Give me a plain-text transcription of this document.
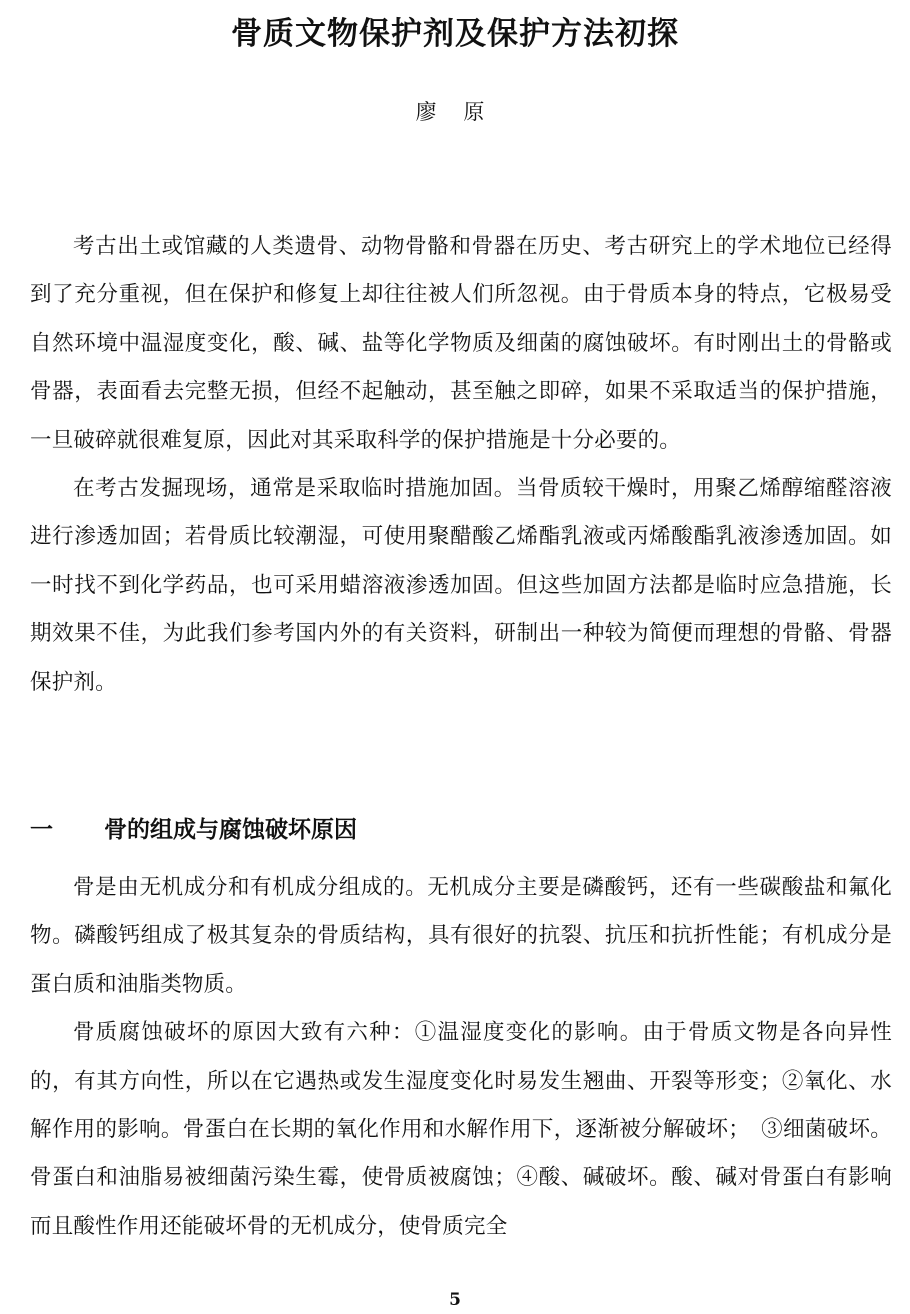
骨质文物保护剂及保护方法初探
廖 原

考古出土或馆藏的人类遗骨、动物骨骼和骨器在历史、考古研究上的学术地位已经得到了充分重视，但在保护和修复上却往往被人们所忽视。由于骨质本身的特点，它极易受自然环境中温湿度变化，酸、碱、盐等化学物质及细菌的腐蚀破坏。有时刚出土的骨骼或骨器，表面看去完整无损，但经不起触动，甚至触之即碎，如果不采取适当的保护措施，一旦破碎就很难复原，因此对其采取科学的保护措施是十分必要的。

在考古发掘现场，通常是采取临时措施加固。当骨质较干燥时，用聚乙烯醇缩醛溶液进行渗透加固；若骨质比较潮湿，可使用聚醋酸乙烯酯乳液或丙烯酸酯乳液渗透加固。如一时找不到化学药品，也可采用蜡溶液渗透加固。但这些加固方法都是临时应急措施，长期效果不佳，为此我们参考国内外的有关资料，研制出一种较为简便而理想的骨骼、骨器保护剂。

一	骨的组成与腐蚀破坏原因

骨是由无机成分和有机成分组成的。无机成分主要是磷酸钙，还有一些碳酸盐和氟化物。磷酸钙组成了极其复杂的骨质结构，具有很好的抗裂、抗压和抗折性能；有机成分是蛋白质和油脂类物质。

骨质腐蚀破坏的原因大致有六种：①温湿度变化的影响。由于骨质文物是各向异性的，有其方向性，所以在它遇热或发生湿度变化时易发生翘曲、开裂等形变；②氧化、水解作用的影响。骨蛋白在长期的氧化作用和水解作用下，逐渐被分解破坏；　③细菌破坏。骨蛋白和油脂易被细菌污染生霉，使骨质被腐蚀；④酸、碱破坏。酸、碱对骨蛋白有影响而且酸性作用还能破坏骨的无机成分，使骨质完全

5
